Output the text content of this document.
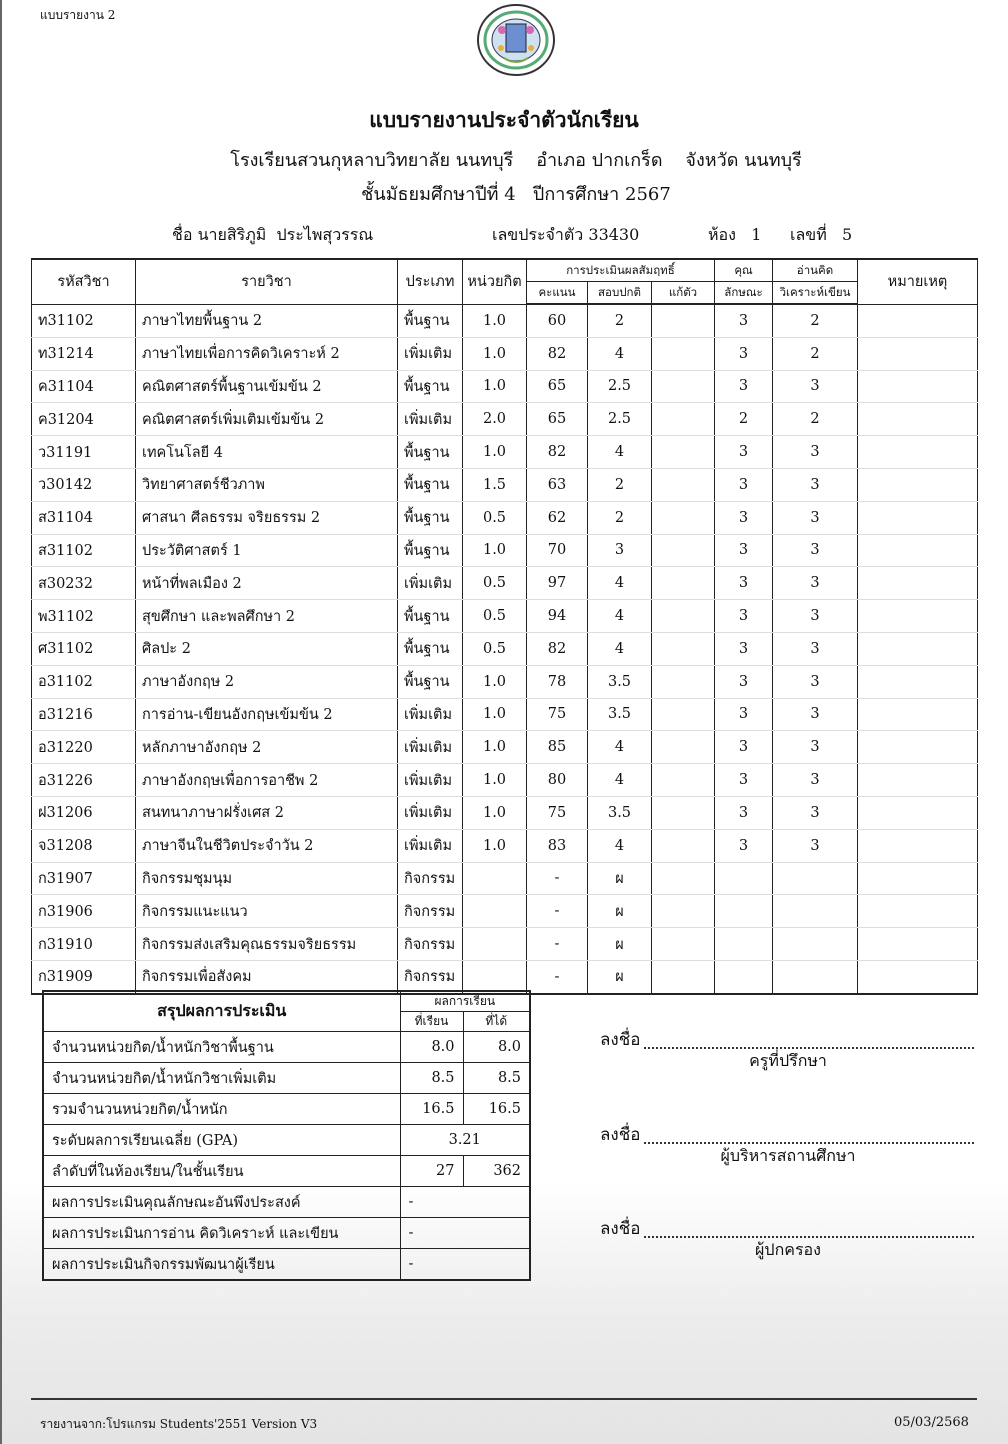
แบบรายงาน 2
แบบรายงานประจำตัวนักเรียน
โรงเรียนสวนกุหลาบวิทยาลัย นนทบุรี อำเภอ ปากเกร็ด จังหวัด นนทบุรี
ชั้นมัธยมศึกษาปีที่ 4 ปีการศึกษา 2567
ชื่อ นายสิริภูมิ  ประไพสุวรรณ	เลขประจำตัว 33430	ห้อง 1 เลขที่ 5
รหัสวิชา	รายวิชา	ประเภท	หน่วยกิต	การประเมินผลสัมฤทธิ์			คุณ	อ่านคิด	หมายเหตุ
				คะแนน	สอบปกติ	แก้ตัว	ลักษณะ	วิเคราะห์เขียน	
ท31102	ภาษาไทยพื้นฐาน 2	พื้นฐาน	1.0	60	2		3	2	
ท31214	ภาษาไทยเพื่อการคิดวิเคราะห์ 2	เพิ่มเติม	1.0	82	4		3	2	
ค31104	คณิตศาสตร์พื้นฐานเข้มข้น 2	พื้นฐาน	1.0	65	2.5		3	3	
ค31204	คณิตศาสตร์เพิ่มเติมเข้มข้น 2	เพิ่มเติม	2.0	65	2.5		2	2	
ว31191	เทคโนโลยี 4	พื้นฐาน	1.0	82	4		3	3	
ว30142	วิทยาศาสตร์ชีวภาพ	พื้นฐาน	1.5	63	2		3	3	
ส31104	ศาสนา ศีลธรรม จริยธรรม 2	พื้นฐาน	0.5	62	2		3	3	
ส31102	ประวัติศาสตร์ 1	พื้นฐาน	1.0	70	3		3	3	
ส30232	หน้าที่พลเมือง 2	เพิ่มเติม	0.5	97	4		3	3	
พ31102	สุขศึกษา และพลศึกษา 2	พื้นฐาน	0.5	94	4		3	3	
ศ31102	ศิลปะ 2	พื้นฐาน	0.5	82	4		3	3	
อ31102	ภาษาอังกฤษ 2	พื้นฐาน	1.0	78	3.5		3	3	
อ31216	การอ่าน-เขียนอังกฤษเข้มข้น 2	เพิ่มเติม	1.0	75	3.5		3	3	
อ31220	หลักภาษาอังกฤษ 2	เพิ่มเติม	1.0	85	4		3	3	
อ31226	ภาษาอังกฤษเพื่อการอาชีพ 2	เพิ่มเติม	1.0	80	4		3	3	
ฝ31206	สนทนาภาษาฝรั่งเศส 2	เพิ่มเติม	1.0	75	3.5		3	3	
จ31208	ภาษาจีนในชีวิตประจำวัน 2	เพิ่มเติม	1.0	83	4		3	3	
ก31907	กิจกรรมชุมนุม	กิจกรรม		-	ผ				
ก31906	กิจกรรมแนะแนว	กิจกรรม		-	ผ				
ก31910	กิจกรรมส่งเสริมคุณธรรมจริยธรรม	กิจกรรม		-	ผ				
ก31909	กิจกรรมเพื่อสังคม	กิจกรรม		-	ผ				
สรุปผลการประเมิน	ผลการเรียน	
	ที่เรียน	ที่ได้
จำนวนหน่วยกิต/น้ำหนักวิชาพื้นฐาน	8.0	8.0
จำนวนหน่วยกิต/น้ำหนักวิชาเพิ่มเติม	8.5	8.5
รวมจำนวนหน่วยกิต/น้ำหนัก	16.5	16.5
ระดับผลการเรียนเฉลี่ย (GPA)	3.21	
ลำดับที่ในห้องเรียน/ในชั้นเรียน	27	362
ผลการประเมินคุณลักษณะอันพึงประสงค์	-	
ผลการประเมินการอ่าน คิดวิเคราะห์ และเขียน	-	
ผลการประเมินกิจกรรมพัฒนาผู้เรียน	-	
ลงชื่อ
ครูที่ปรึกษา
ลงชื่อ
ผู้บริหารสถานศึกษา
ลงชื่อ
ผู้ปกครอง
รายงานจาก:โปรแกรม Students'2551 Version V3	05/03/2568
